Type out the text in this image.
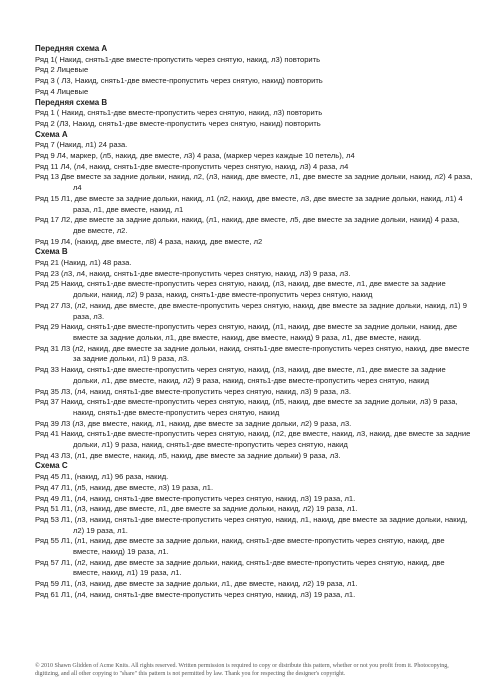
Передняя схема А

Ряд 1( Накид, снять1-две вместе-пропустить через снятую, накид, л3) повторить

Ряд 2 Лицевые

Ряд 3 ( Л3, Накид, снять1-две вместе-пропустить через снятую, накид) повторить

Ряд 4 Лицевые

Передняя схема В

Ряд 1 ( Накид, снять1-две вместе-пропустить через снятую, накид, л3) повторить

Ряд 2 (Л3, Накид, снять1-две вместе-пропустить через снятую, накид) повторить

Схема А

Ряд 7 (Накид, л1) 24 раза.

Ряд 9 Л4, маркер, (л5, накид, две вместе, л3) 4 раза, (маркер через каждые 10 петель), л4

Ряд 11 Л4, (л4, накид, снять1-две вместе-пропустить через снятую, накид, л3) 4 раза, л4

Ряд 13 Две вместе за задние дольки, накид, л2, (л3, накид, две вместе, л1, две вместе за задние дольки, накид, л2) 4 раза, л4

Ряд 15 Л1, две вместе за задние дольки, накид, л1 (л2, накид, две вместе, л3, две вместе за задние дольки, накид, л1) 4 раза, л1, две вместе, накид, л1

Ряд 17 Л2, две вместе за задние дольки, накид, (л1, накид, две вместе, л5, две вместе за задние дольки, накид) 4 раза, две вместе, л2.

Ряд 19 Л4, (накид, две вместе, л8) 4 раза, накид, две вместе, л2

Схема В

Ряд 21 (Накид, л1) 48 раза.

Ряд 23 (л3, л4, накид, снять1-две вместе-пропустить через снятую, накид, л3) 9 раза, л3.

Ряд 25 Накид, снять1-две вместе-пропустить через снятую, накид, (л3, накид, две вместе, л1, две вместе за задние дольки, накид, л2) 9 раза, накид, снять1-две вместе-пропустить через снятую, накид

Ряд 27 Л3, (л2, накид, две вместе, две вместе-пропустить через снятую, накид, две вместе за задние дольки, накид, л1) 9 раза, л3.

Ряд 29 Накид, снять1-две вместе-пропустить через снятую, накид, (л1, накид, две вместе за задние дольки, накид, две вместе за задние дольки, л1, две вместе, накид, две вместе, накид) 9 раза, л1, две вместе, накид.

Ряд 31 Л3 (л2, накид, две вместе за задние дольки, накид, снять1-две вместе-пропустить через снятую, накид, две вместе за задние дольки, л1) 9 раза, л3.

Ряд 33 Накид, снять1-две вместе-пропустить через снятую, накид, (л3, накид, две вместе, л1, две вместе за задние дольки, л1, две вместе, накид, л2) 9 раза, накид, снять1-две вместе-пропустить через снятую, накид

Ряд 35 Л3, (л4, накид, снять1-две вместе-пропустить через снятую, накид, л3) 9 раза, л3.

Ряд 37 Накид, снять1-две вместе-пропустить через снятую, накид, (л5, накид, две вместе за задние дольки, л3) 9 раза, накид, снять1-две вместе-пропустить через снятую, накид

Ряд 39 Л3 (л3, две вместе, накид, л1, накид, две вместе за задние дольки, л2) 9 раза, л3.

Ряд 41 Накид, снять1-две вместе-пропустить через снятую, накид, (л2, две вместе, накид, л3, накид, две вместе за задние дольки, л1) 9 раза, накид, снять1-две вместе-пропустить через снятую, накид

Ряд 43 Л3, (л1, две вместе, накид, л5, накид, две вместе за задние дольки) 9 раза, л3.

Схема С

Ряд 45 Л1, (накид, л1) 96 раза, накид.

Ряд 47 Л1, (л5, накид, две вместе, л3) 19 раза, л1.

Ряд 49 Л1, (л4, накид, снять1-две вместе-пропустить через снятую, накид, л3) 19 раза, л1.

Ряд 51 Л1, (л3, накид, две вместе, л1, две вместе за задние дольки, накид, л2) 19 раза, л1.

Ряд 53 Л1, (л3, накид, снять1-две вместе-пропустить через снятую, накид, л1, накид, две вместе за задние дольки, накид, л2) 19 раза, л1.

Ряд 55 Л1, (л1, накид, две вместе за задние дольки, накид, снять1-две вместе-пропустить через снятую, накид, две вместе, накид) 19 раза, л1.

Ряд 57 Л1, (л2, накид, две вместе за задние дольки, накид, снять1-две вместе-пропустить через снятую, накид, две вместе, накид, л1) 19 раза, л1.

Ряд 59 Л1, (л3, накид, две вместе за задние дольки, л1, две вместе, накид, л2) 19 раза, л1.

Ряд 61 Л1, (л4, накид, снять1-две вместе-пропустить через снятую, накид, л3) 19 раза, л1.

© 2010 Shawn Glidden of Acme Knits. All rights reserved. Written permission is required to copy or distribute this pattern, whether or not you profit from it. Photocopying, digitizing, and all other copying to "share" this pattern is not permitted by law. Thank you for respecting the designer's copyright.
